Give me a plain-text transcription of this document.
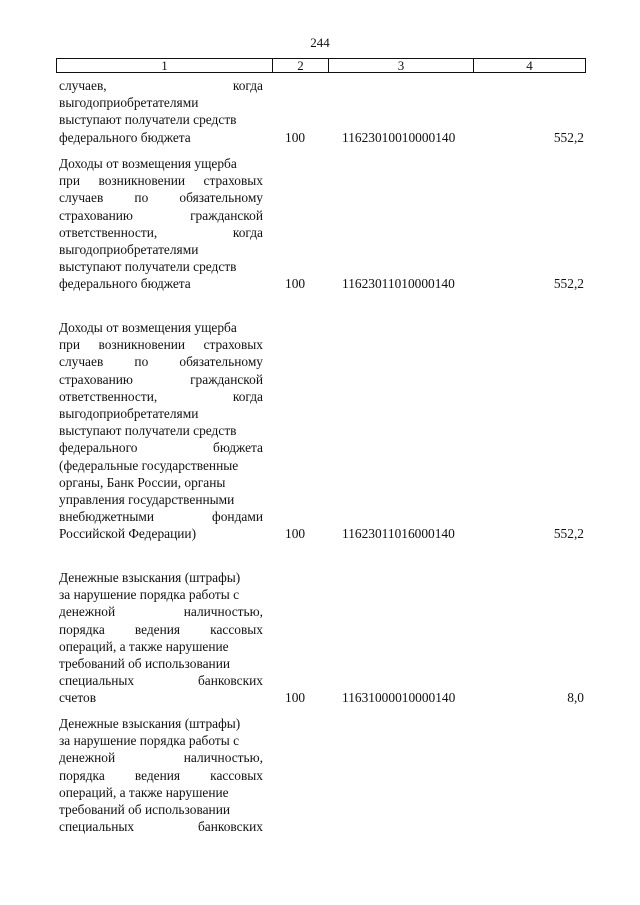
244
1	2	3	4
случаев, когда
выгодоприобретателями
выступают получатели средств
федерального бюджета	100	11623010010000140	552,2
Доходы от возмещения ущерба
при возникновении страховых
случаев по обязательному
страхованию гражданской
ответственности, когда
выгодоприобретателями
выступают получатели средств
федерального бюджета	100	11623011010000140	552,2
Доходы от возмещения ущерба
при возникновении страховых
случаев по обязательному
страхованию гражданской
ответственности, когда
выгодоприобретателями
выступают получатели средств
федерального бюджета
(федеральные государственные
органы, Банк России, органы
управления государственными
внебюджетными фондами
Российской Федерации)	100	11623011016000140	552,2
Денежные взыскания (штрафы)
за нарушение порядка работы с
денежной наличностью,
порядка ведения кассовых
операций, а также нарушение
требований об использовании
специальных банковских
счетов	100	11631000010000140	8,0
Денежные взыскания (штрафы)
за нарушение порядка работы с
денежной наличностью,
порядка ведения кассовых
операций, а также нарушение
требований об использовании
специальных банковских
